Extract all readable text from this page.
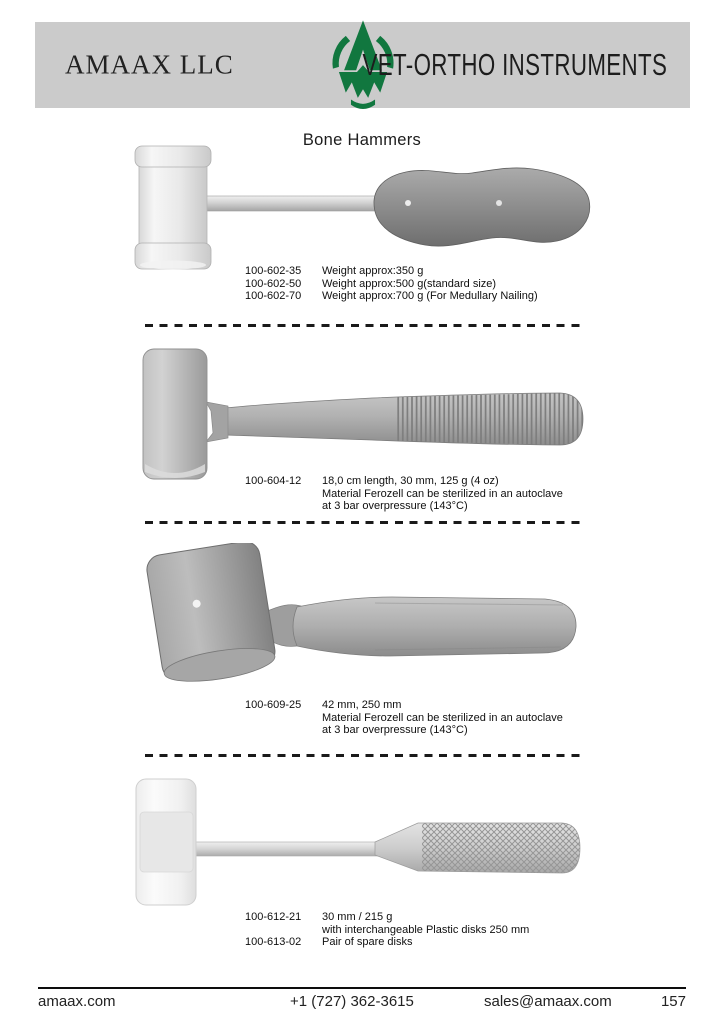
AMAAX LLC	VET-ORTHO INSTRUMENTS
Bone Hammers
100-602-35	Weight approx:350 g
100-602-50	Weight approx:500 g(standard size)
100-602-70	Weight approx:700 g (For Medullary Nailing)
100-604-12	18,0 cm length, 30 mm, 125 g (4 oz)
Material Ferozell can be sterilized in an autoclave
at 3 bar overpressure (143°C)
100-609-25	42 mm, 250 mm
Material Ferozell can be sterilized in an autoclave
at 3 bar overpressure (143°C)
100-612-21	30 mm / 215 g
with interchangeable Plastic disks 250 mm
100-613-02	Pair of spare disks
amaax.com	+1 (727) 362-3615	sales@amaax.com	157
